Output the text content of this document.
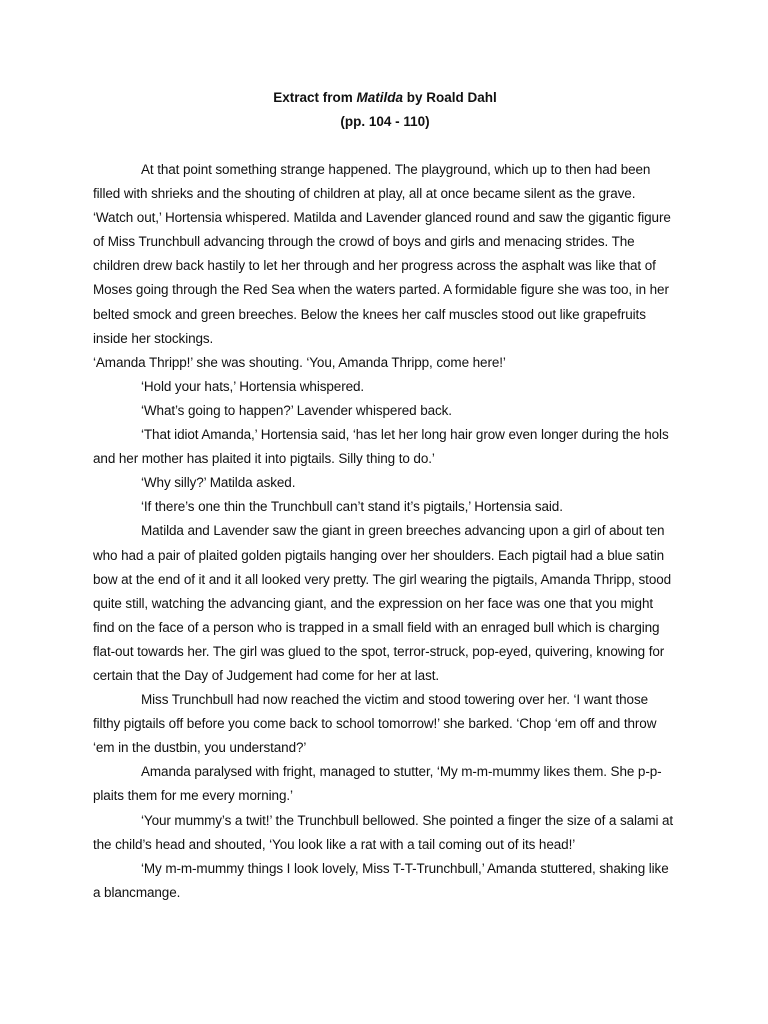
Extract from Matilda by Roald Dahl
(pp. 104 - 110)

At that point something strange happened. The playground, which up to then had been filled with shrieks and the shouting of children at play, all at once became silent as the grave. ‘Watch out,’ Hortensia whispered. Matilda and Lavender glanced round and saw the gigantic figure of Miss Trunchbull advancing through the crowd of boys and girls and menacing strides. The children drew back hastily to let her through and her progress across the asphalt was like that of Moses going through the Red Sea when the waters parted. A formidable figure she was too, in her belted smock and green breeches. Below the knees her calf muscles stood out like grapefruits inside her stockings.

‘Amanda Thripp!’ she was shouting. ‘You, Amanda Thripp, come here!’

‘Hold your hats,’ Hortensia whispered.

‘What’s going to happen?’ Lavender whispered back.

‘That idiot Amanda,’ Hortensia said, ‘has let her long hair grow even longer during the hols and her mother has plaited it into pigtails. Silly thing to do.’

‘Why silly?’ Matilda asked.

‘If there’s one thin the Trunchbull can’t stand it’s pigtails,’ Hortensia said.

Matilda and Lavender saw the giant in green breeches advancing upon a girl of about ten who had a pair of plaited golden pigtails hanging over her shoulders. Each pigtail had a blue satin bow at the end of it and it all looked very pretty. The girl wearing the pigtails, Amanda Thripp, stood quite still, watching the advancing giant, and the expression on her face was one that you might find on the face of a person who is trapped in a small field with an enraged bull which is charging flat-out towards her. The girl was glued to the spot, terror-struck, pop-eyed, quivering, knowing for certain that the Day of Judgement had come for her at last.

Miss Trunchbull had now reached the victim and stood towering over her. ‘I want those filthy pigtails off before you come back to school tomorrow!’ she barked. ‘Chop ‘em off and throw ‘em in the dustbin, you understand?’

Amanda paralysed with fright, managed to stutter, ‘My m-m-mummy likes them. She p-p-plaits them for me every morning.’

‘Your mummy’s a twit!’ the Trunchbull bellowed. She pointed a finger the size of a salami at the child’s head and shouted, ‘You look like a rat with a tail coming out of its head!’

‘My m-m-mummy things I look lovely, Miss T-T-Trunchbull,’ Amanda stuttered, shaking like a blancmange.
